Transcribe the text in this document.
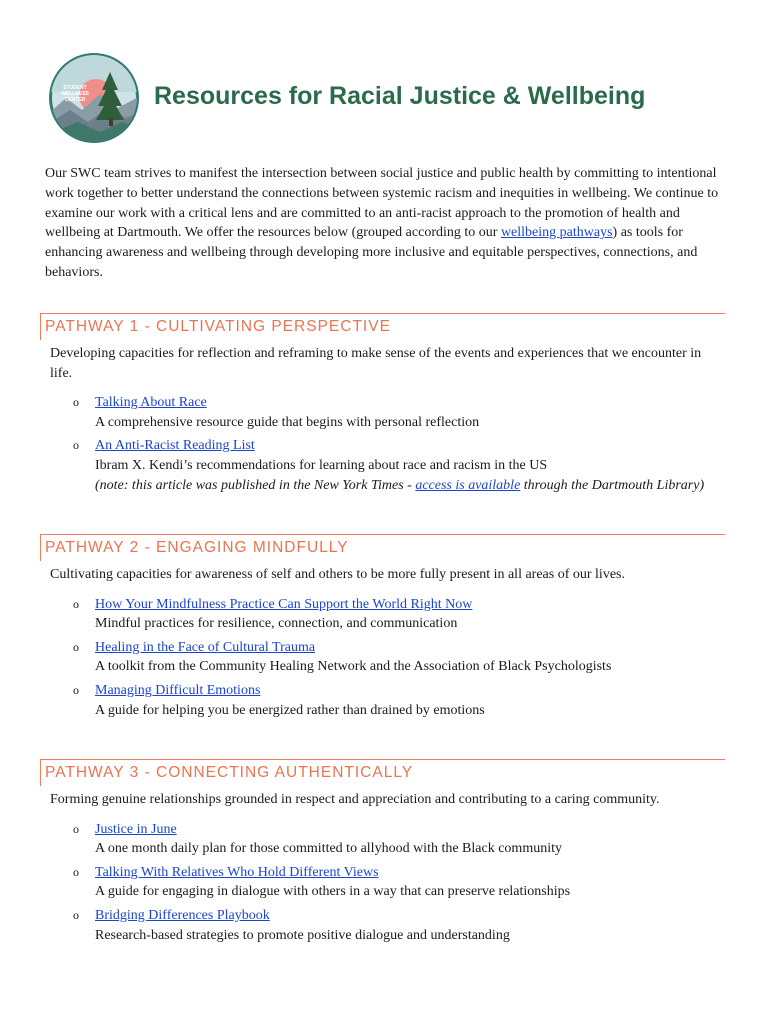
STUDENT
WELLNESS
CENTER	Resources for Racial Justice & Wellbeing

Our SWC team strives to manifest the intersection between social justice and public health by committing to intentional work together to better understand the connections between systemic racism and inequities in wellbeing. We continue to examine our work with a critical lens and are committed to an anti-racist approach to the promotion of health and wellbeing at Dartmouth. We offer the resources below (grouped according to our wellbeing pathways) as tools for enhancing awareness and wellbeing through developing more inclusive and equitable perspectives, connections, and behaviors.

PATHWAY 1 - CULTIVATING PERSPECTIVE
Developing capacities for reflection and reframing to make sense of the events and experiences that we encounter in life.
o Talking About Race
A comprehensive resource guide that begins with personal reflection
o An Anti-Racist Reading List
Ibram X. Kendi’s recommendations for learning about race and racism in the US
(note: this article was published in the New York Times - access is available through the Dartmouth Library)
PATHWAY 2 - ENGAGING MINDFULLY
Cultivating capacities for awareness of self and others to be more fully present in all areas of our lives.
o How Your Mindfulness Practice Can Support the World Right Now
Mindful practices for resilience, connection, and communication
o Healing in the Face of Cultural Trauma
A toolkit from the Community Healing Network and the Association of Black Psychologists
o Managing Difficult Emotions
A guide for helping you be energized rather than drained by emotions
PATHWAY 3 - CONNECTING AUTHENTICALLY
Forming genuine relationships grounded in respect and appreciation and contributing to a caring community.
o Justice in June
A one month daily plan for those committed to allyhood with the Black community
o Talking With Relatives Who Hold Different Views
A guide for engaging in dialogue with others in a way that can preserve relationships
o Bridging Differences Playbook
Research-based strategies to promote positive dialogue and understanding
